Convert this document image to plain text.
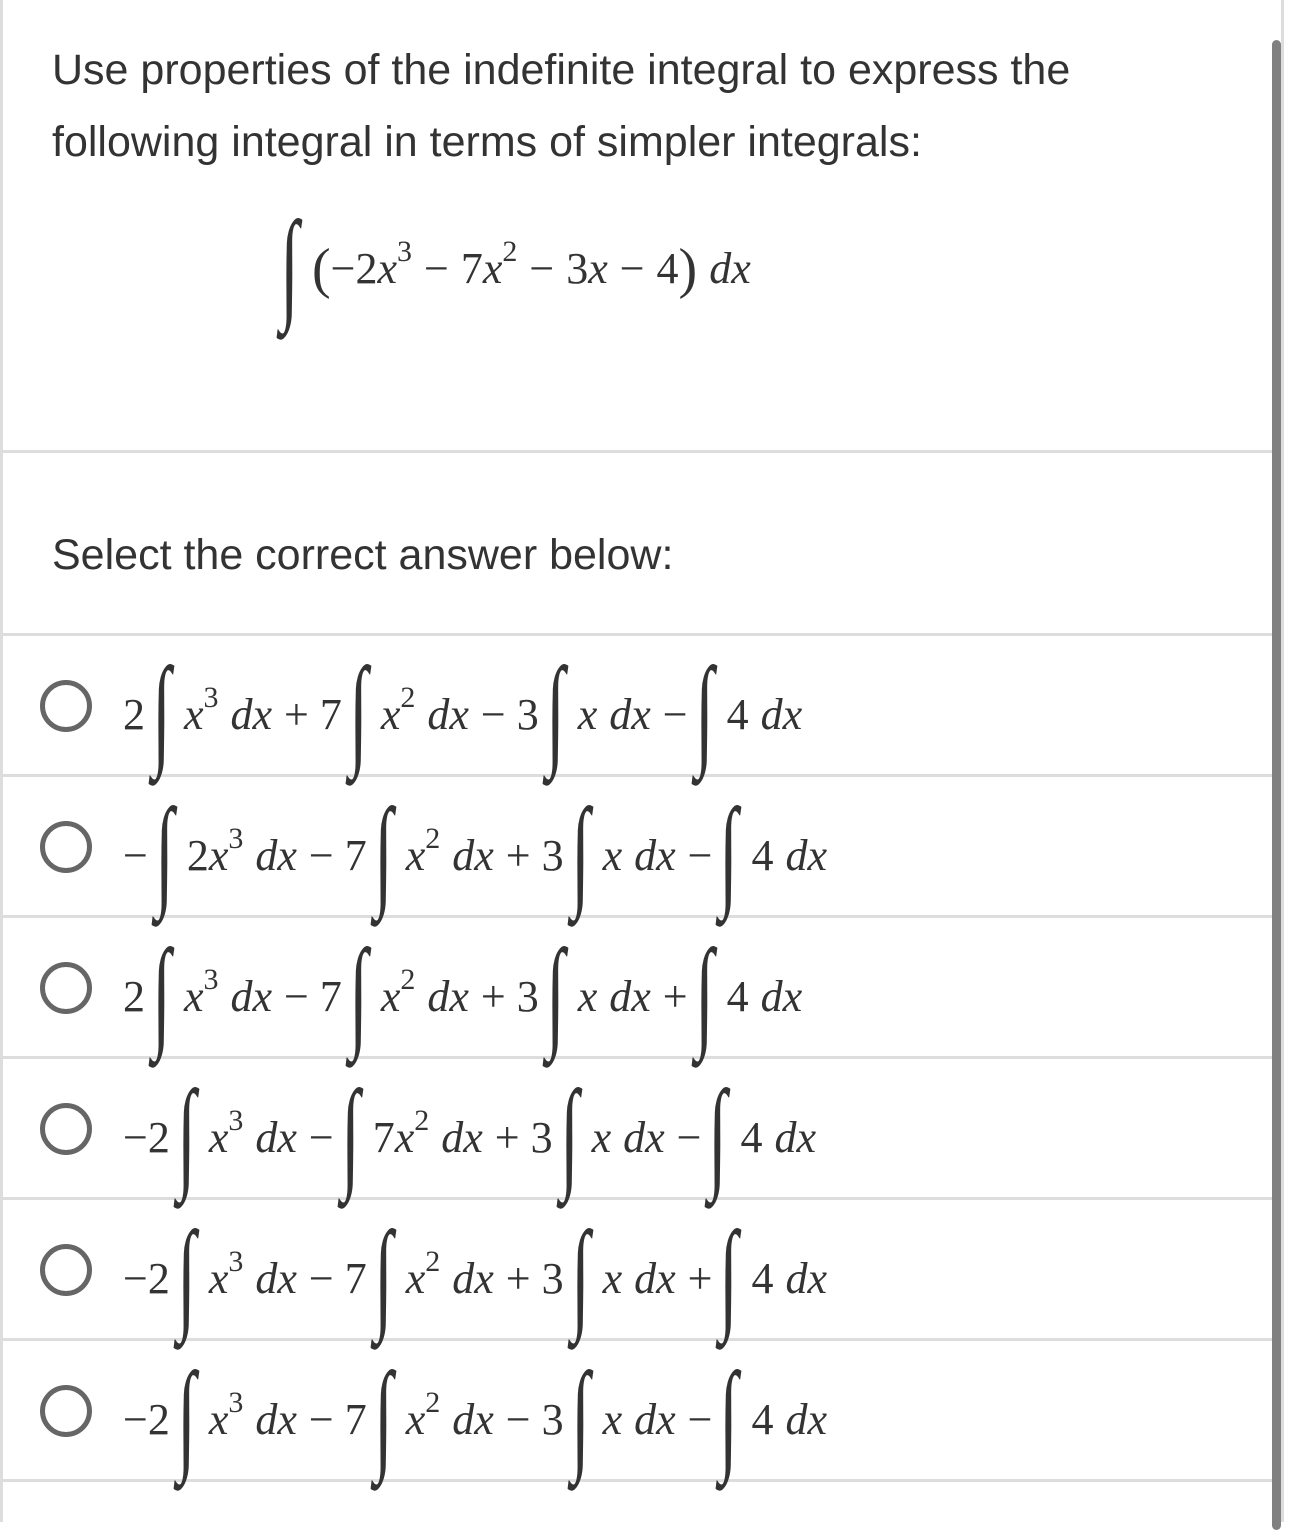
Use properties of the indefinite integral to express the following integral in terms of simpler integrals:
∫ $(-2x^3 - 7x^2 - 3x - 4)$ dx
Select the correct answer below:
2 ∫ $x^3$ dx + 7 ∫ $x^2$ dx − 3 ∫ x dx − ∫ 4 dx
− ∫ $2x^3$ dx − 7 ∫ $x^2$ dx + 3 ∫ x dx − ∫ 4 dx
2 ∫ $x^3$ dx − 7 ∫ $x^2$ dx + 3 ∫ x dx + ∫ 4 dx
−2 ∫ $x^3$ dx − ∫ $7x^2$ dx + 3 ∫ x dx − ∫ 4 dx
−2 ∫ $x^3$ dx − 7 ∫ $x^2$ dx + 3 ∫ x dx + ∫ 4 dx
−2 ∫ $x^3$ dx − 7 ∫ $x^2$ dx − 3 ∫ x dx − ∫ 4 dx
